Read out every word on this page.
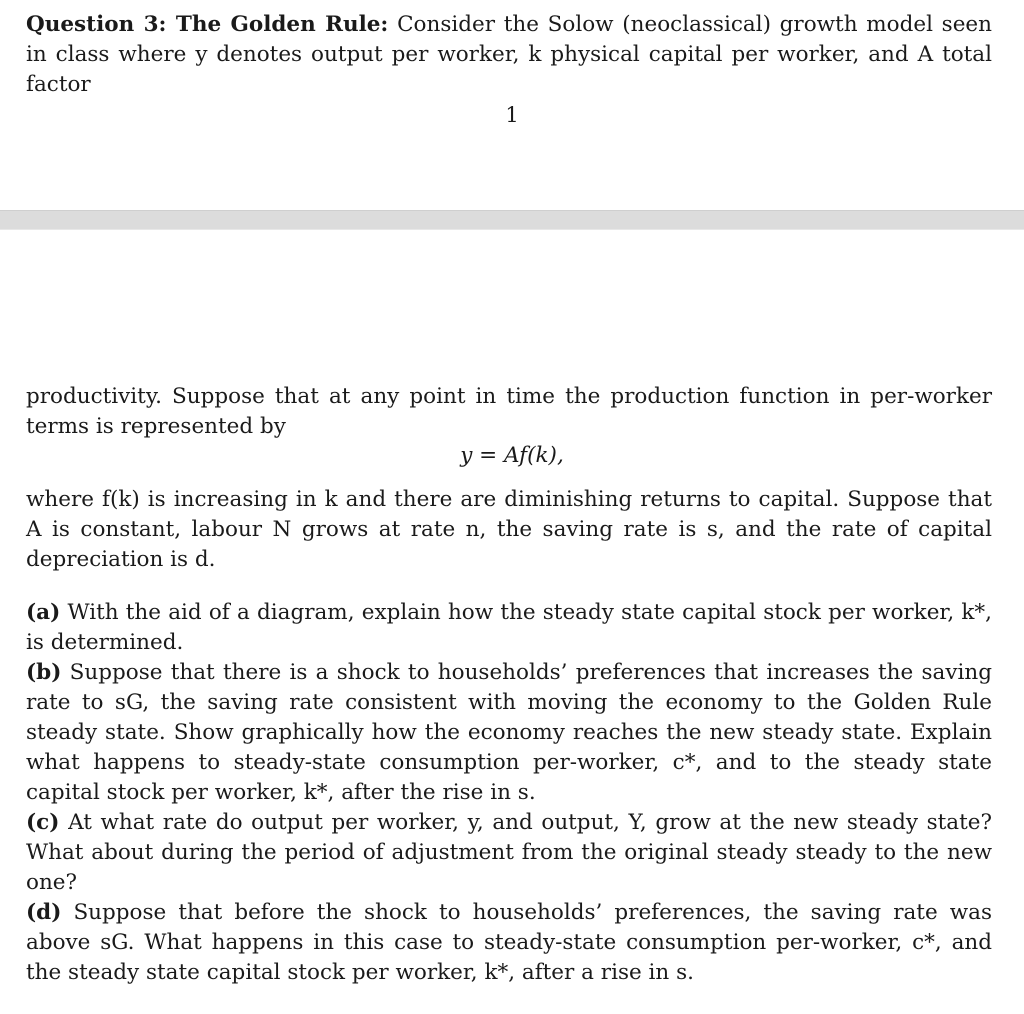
Question 3: The Golden Rule: Consider the Solow (neoclassical) growth model seen in class where y denotes output per worker, k physical capital per worker, and A total factor
1

productivity. Suppose that at any point in time the production function in per-worker terms is represented by

y = Af(k),

where f(k) is increasing in k and there are diminishing returns to capital. Suppose that A is constant, labour N grows at rate n, the saving rate is s, and the rate of capital depreciation is d.

(a) With the aid of a diagram, explain how the steady state capital stock per worker, k*, is determined.

(b) Suppose that there is a shock to households’ preferences that increases the saving rate to sG, the saving rate consistent with moving the economy to the Golden Rule steady state. Show graphically how the economy reaches the new steady state. Explain what happens to steady-state consumption per-worker, c*, and to the steady state capital stock per worker, k*, after the rise in s.

(c) At what rate do output per worker, y, and output, Y, grow at the new steady state? What about during the period of adjustment from the original steady steady to the new one?

(d) Suppose that before the shock to households’ preferences, the saving rate was above sG. What happens in this case to steady-state consumption per-worker, c*, and the steady state capital stock per worker, k*, after a rise in s.
